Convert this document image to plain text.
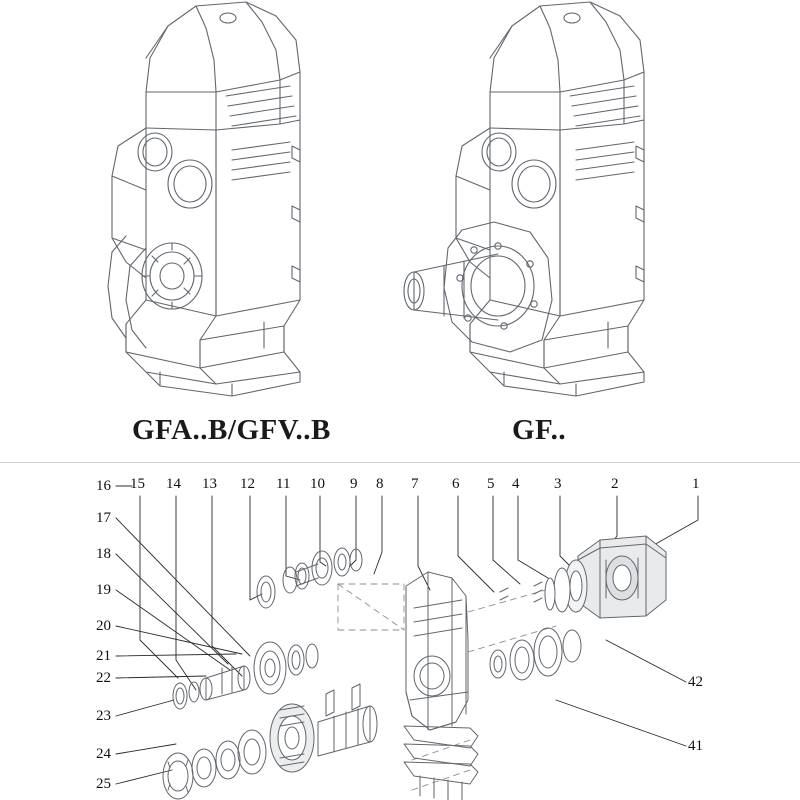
GFA..B/GFV..B	GF..
15 14 13 12 11 10 9 8 7 6 5 4 3	2	1
16
17
18
19
20
21
22
23
24
25
42
41
